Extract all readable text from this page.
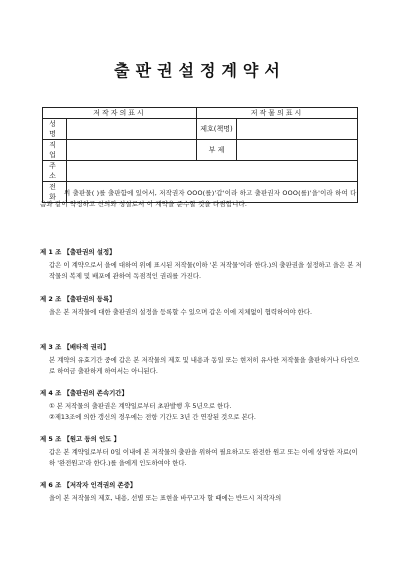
출판권설정계약서
저작자의표시		저작물의표시	
성 명		제호(책명)	
직 업		부 제	
주 소			
전 화			위 출판물( )를 출판함에 있어서, 저작권자 OOO(를)'갑'이라 하고 출판권자 OOO(를)'을'이라 하여 다음과 같이 약정하고 신의와 성실로서 이 계약을 준수할 것을 다짐합니다.
제 1 조 【출판권의 설정】
갑은 이 계약으로서 을에 대하여 위에 표시된 저작물(이하 '본 저작물'이라 한다.)의 출판권을 설정하고 을은 본 저작물의 복제 및 배포에 관하여 독점적인 권리를 가진다.
제 2 조 【출판권의 등록】
을은 본 저작물에 대한 출판권의 설정을 등록할 수 있으며 갑은 이에 지체없이 협력하여야 한다.
제 3 조 【배타적 권리】
본 계약의 유효기간 중에 갑은 본 저작물의 제호 및 내용과 동일 또는 현저히 유사한 저작물을 출판하거나 타인으로 하여금 출판하게 하여서는 아니된다.
제 4 조 【출판권의 존속기간】
① 본 저작물의 출판권은 계약일로부터 초판발행 후 5년으로 한다.
②제13조에 의한 갱신의 경우에는 전항 기간도 3년 간 연장된 것으로 본다.
제 5 조 【원고 등의 인도 】
갑은 본 계약일로부터 0일 이내에 본 저작물의 출판을 위하여 필요하고도 완전한 원고 또는 이에 상당한 자료(이하 '완전원고'라 한다.)를 을에게 인도하여야 한다.
제 6 조 【저작자 인격권의 존중】
을이 본 저작물의 제호, 내용, 선별 또는 표현을 바꾸고자 할 때에는 반드시 저작자의
